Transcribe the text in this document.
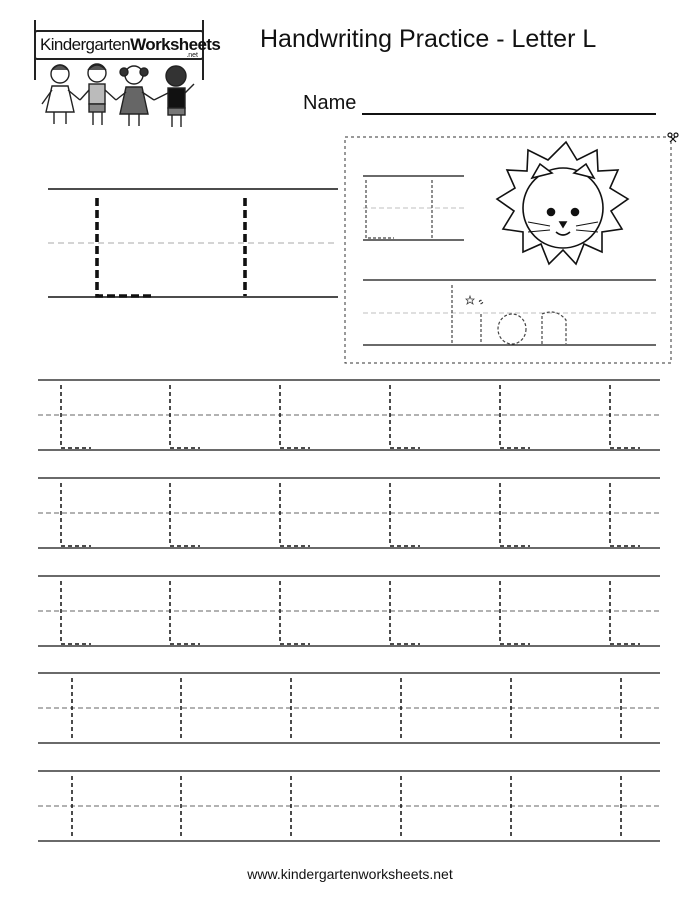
KindergartenWorksheets
.net
Handwriting Practice - Letter L
Name
www.kindergartenworksheets.net
